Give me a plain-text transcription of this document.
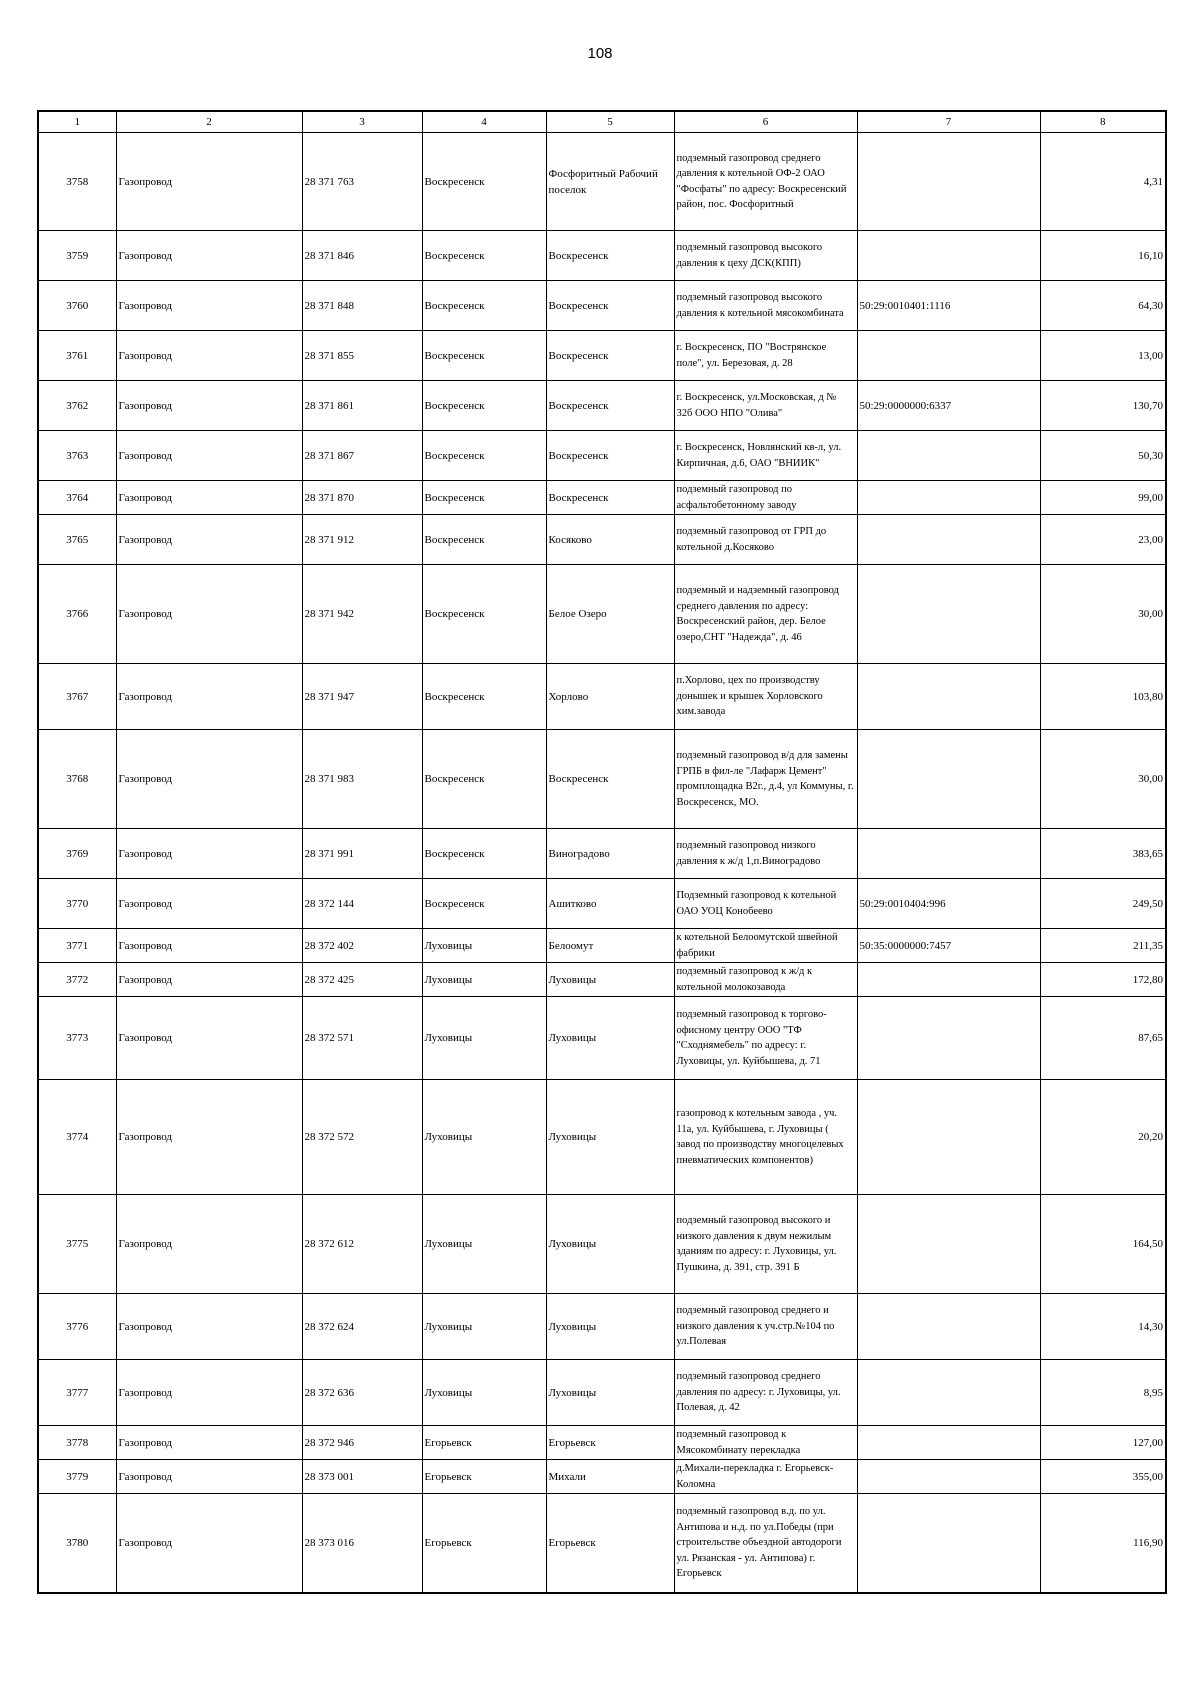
108
1	2	3	4	5	6	7	8
3758	Газопровод	28 371 763	Воскресенск	Фосфоритный Рабочий поселок	подземный газопровод среднего давления к котельной ОФ-2 ОАО "Фосфаты" по адресу: Воскресенский район, пос. Фосфоритный		4,31
3759	Газопровод	28 371 846	Воскресенск	Воскресенск	подземный газопровод высокого давления к цеху ДСК(КПП)		16,10
3760	Газопровод	28 371 848	Воскресенск	Воскресенск	подземный газопровод высокого давления к котельной мясокомбината	50:29:0010401:1116	64,30
3761	Газопровод	28 371 855	Воскресенск	Воскресенск	г. Воскресенск, ПО "Вострянское поле", ул. Березовая, д. 28		13,00
3762	Газопровод	28 371 861	Воскресенск	Воскресенск	г. Воскресенск, ул.Московская, д № 32б ООО НПО "Олива"	50:29:0000000:6337	130,70
3763	Газопровод	28 371 867	Воскресенск	Воскресенск	г. Воскресенск, Новлянский кв-л, ул. Кирпичная, д.6, ОАО "ВНИИК"		50,30
3764	Газопровод	28 371 870	Воскресенск	Воскресенск	подземный газопровод по асфальтобетонному заводу		99,00
3765	Газопровод	28 371 912	Воскресенск	Косяково	подземный газопровод от ГРП до котельной д.Косяково		23,00
3766	Газопровод	28 371 942	Воскресенск	Белое Озеро	подземный и надземный газопровод среднего давления по адресу: Воскресенский район, дер. Белое озеро,СНТ "Надежда", д. 46		30,00
3767	Газопровод	28 371 947	Воскресенск	Хорлово	п.Хорлово, цех по производству донышек и крышек Хорловского хим.завода		103,80
3768	Газопровод	28 371 983	Воскресенск	Воскресенск	подземный газопровод в/д для замены ГРПБ в фил-ле "Лафарж Цемент" промплощадка В2г., д.4, ул Коммуны, г. Воскресенск, МО.		30,00
3769	Газопровод	28 371 991	Воскресенск	Виноградово	подземный газопровод низкого давления к ж/д 1,п.Виноградово		383,65
3770	Газопровод	28 372 144	Воскресенск	Ашитково	Подземный газопровод к котельной ОАО УОЦ Конобеево	50:29:0010404:996	249,50
3771	Газопровод	28 372 402	Луховицы	Белоомут	к котельной Белоомутской швейной фабрики	50:35:0000000:7457	211,35
3772	Газопровод	28 372 425	Луховицы	Луховицы	подземный газопровод к ж/д к котельной молокозавода		172,80
3773	Газопровод	28 372 571	Луховицы	Луховицы	подземный газопровод к торгово-офисному центру ООО "ТФ "Сходнямебель" по адресу: г. Луховицы, ул. Куйбышева, д. 71		87,65
3774	Газопровод	28 372 572	Луховицы	Луховицы	газопровод к котельным завода , уч. 11а, ул. Куйбышева, г. Луховицы ( завод по производству многоцелевых пневматических компонентов)		20,20
3775	Газопровод	28 372 612	Луховицы	Луховицы	подземный газопровод высокого и низкого давления к двум нежилым зданиям по адресу: г. Луховицы, ул. Пушкина, д. 391, стр. 391 Б		164,50
3776	Газопровод	28 372 624	Луховицы	Луховицы	подземный газопровод среднего и низкого давления к уч.стр.№104 по ул.Полевая		14,30
3777	Газопровод	28 372 636	Луховицы	Луховицы	подземный газопровод среднего давления по адресу: г. Луховицы, ул. Полевая, д. 42		8,95
3778	Газопровод	28 372 946	Егорьевск	Егорьевск	подземный газопровод к Мясокомбинату перекладка		127,00
3779	Газопровод	28 373 001	Егорьевск	Михали	д.Михали-перекладка г. Егорьевск-Коломна		355,00
3780	Газопровод	28 373 016	Егорьевск	Егорьевск	подземный газопровод в.д. по ул. Антипова и н.д. по ул.Победы (при строительстве объездной автодороги ул. Рязанская - ул. Антипова) г. Егорьевск		116,90
